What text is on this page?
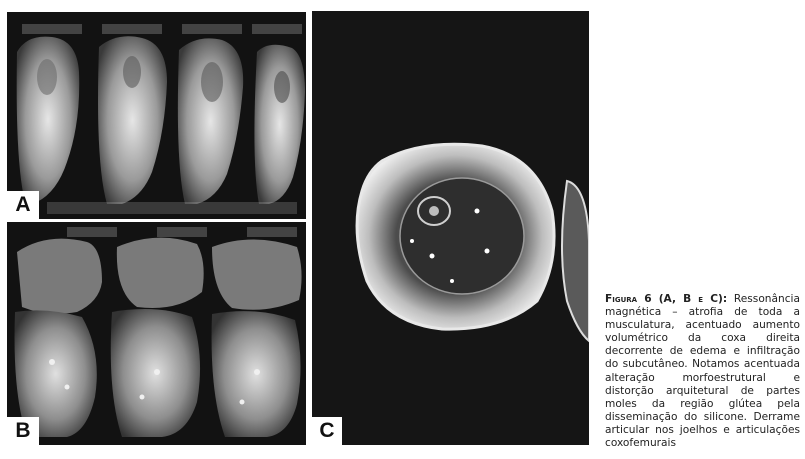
A
B	C
Figura 6 (A, B e C): Ressonância magnética – atrofia de toda a musculatura, acentuado aumento volumétrico da coxa direita decorrente de edema e infiltração do subcutâneo. Notamos acentuada alteração morfoestrutural e distorção arquitetural de partes moles da região glútea pela disseminação do silicone. Derrame articular nos joelhos e articulações coxofemurais
